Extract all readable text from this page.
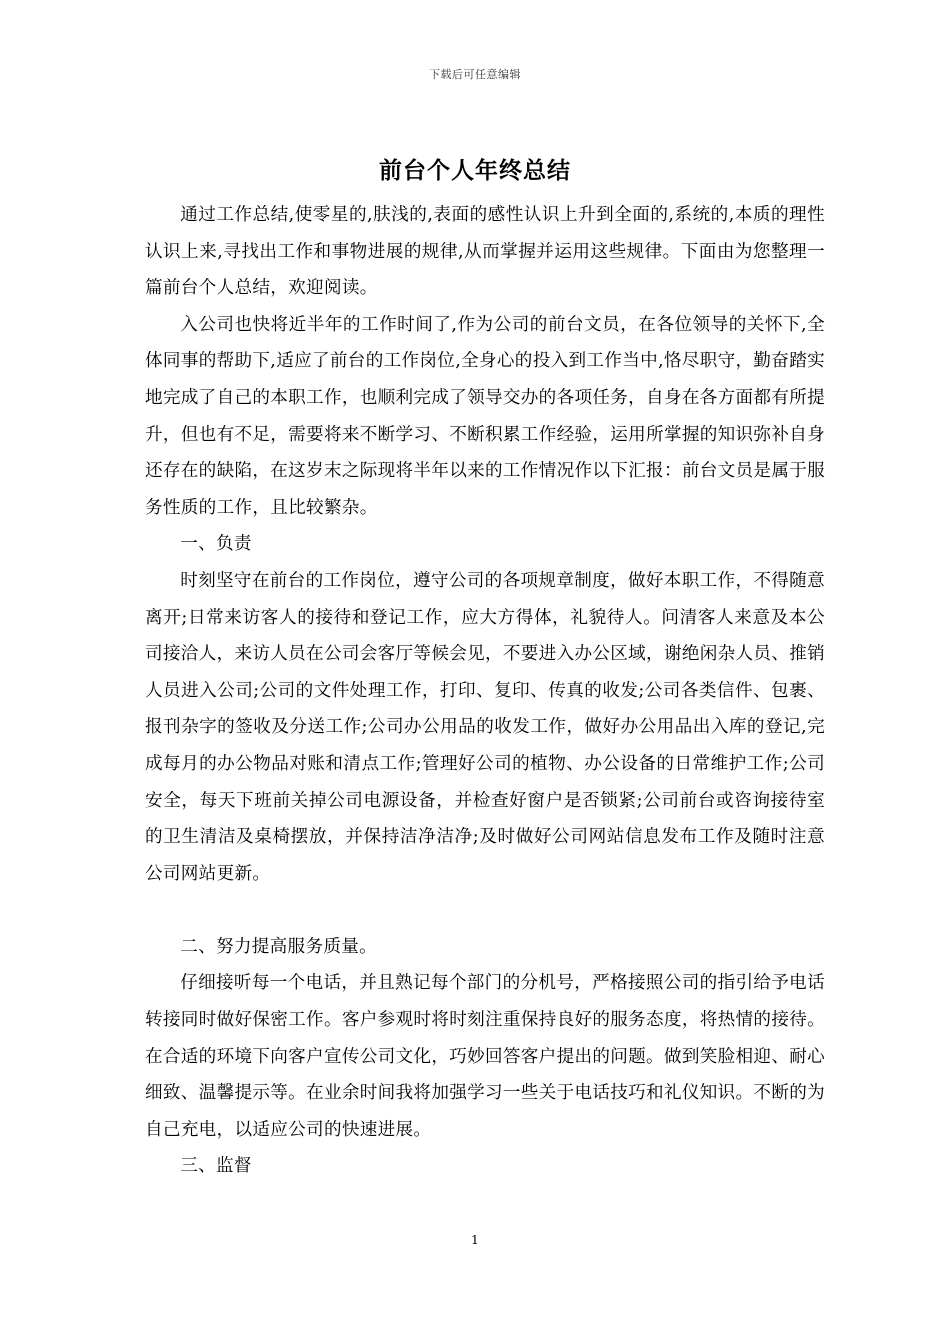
下载后可任意编辑
前台个人年终总结

通过工作总结,使零星的,肤浅的,表面的感性认识上升到全面的,系统的,本质的理性认识上来,寻找出工作和事物进展的规律,从而掌握并运用这些规律。下面由为您整理一篇前台个人总结，欢迎阅读。

入公司也快将近半年的工作时间了,作为公司的前台文员，在各位领导的关怀下,全体同事的帮助下,适应了前台的工作岗位,全身心的投入到工作当中,恪尽职守，勤奋踏实地完成了自己的本职工作，也顺利完成了领导交办的各项任务，自身在各方面都有所提升，但也有不足，需要将来不断学习、不断积累工作经验，运用所掌握的知识弥补自身还存在的缺陷，在这岁末之际现将半年以来的工作情况作以下汇报：前台文员是属于服务性质的工作，且比较繁杂。

一、负责

时刻坚守在前台的工作岗位，遵守公司的各项规章制度，做好本职工作，不得随意离开;日常来访客人的接待和登记工作，应大方得体，礼貌待人。问清客人来意及本公司接洽人，来访人员在公司会客厅等候会见，不要进入办公区域，谢绝闲杂人员、推销人员进入公司;公司的文件处理工作，打印、复印、传真的收发;公司各类信件、包裹、报刊杂字的签收及分送工作;公司办公用品的收发工作，做好办公用品出入库的登记,完成每月的办公物品对账和清点工作;管理好公司的植物、办公设备的日常维护工作;公司安全，每天下班前关掉公司电源设备，并检查好窗户是否锁紧;公司前台或咨询接待室的卫生清洁及桌椅摆放，并保持洁净洁净;及时做好公司网站信息发布工作及随时注意公司网站更新。

二、努力提高服务质量。

仔细接听每一个电话，并且熟记每个部门的分机号，严格接照公司的指引给予电话转接同时做好保密工作。客户参观时将时刻注重保持良好的服务态度，将热情的接待。在合适的环境下向客户宣传公司文化，巧妙回答客户提出的问题。做到笑脸相迎、耐心细致、温馨提示等。在业余时间我将加强学习一些关于电话技巧和礼仪知识。不断的为自己充电，以适应公司的快速进展。

三、监督

1
